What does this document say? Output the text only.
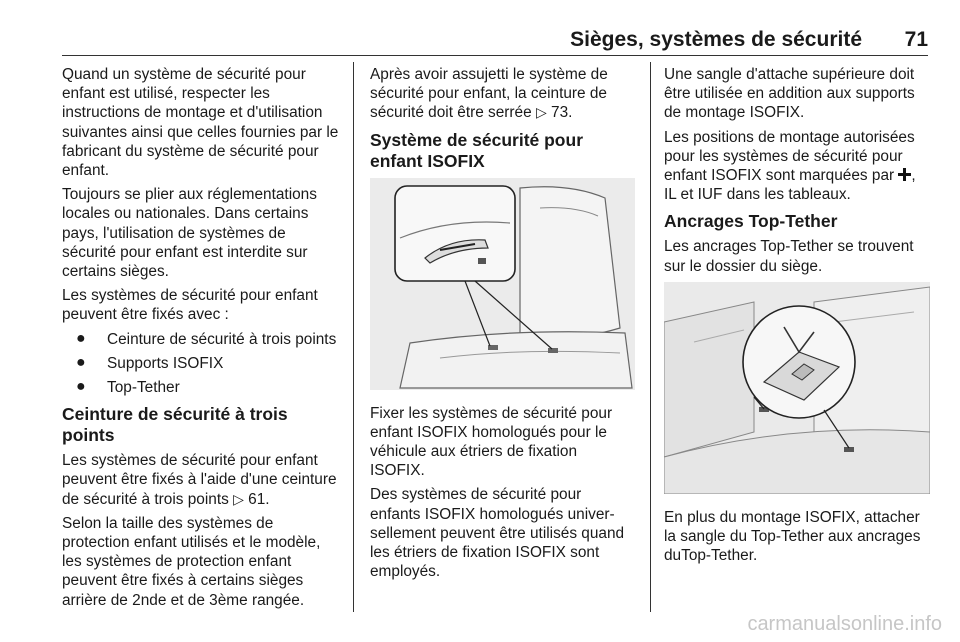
Sièges, systèmes de sécurité 71

Quand un système de sécurité pour enfant est utilisé, respecter les instructions de montage et d'utilisation suivantes ainsi que celles fournies par le fabricant du système de sécurité pour enfant.

Toujours se plier aux réglementations locales ou nationales. Dans certains pays, l'utilisation de systèmes de sécurité pour enfant est interdite sur certains sièges.

Les systèmes de sécurité pour enfant peuvent être fixés avec :

● Ceinture de sécurité à trois points
● Supports ISOFIX
● Top-Tether
Ceinture de sécurité à trois points

Les systèmes de sécurité pour enfant peuvent être fixés à l'aide d'une ceinture de sécurité à trois points ▷ 61.

Selon la taille des systèmes de protection enfant utilisés et le modèle, les systèmes de protection enfant peuvent être fixés à certains sièges arrière de 2nde et de 3ème rangée.

Après avoir assujetti le système de sécurité pour enfant, la ceinture de sécurité doit être serrée ▷ 73.

Système de sécurité pour enfant ISOFIX

Fixer les systèmes de sécurité pour enfant ISOFIX homologués pour le véhicule aux étriers de fixation ISOFIX.

Des systèmes de sécurité pour enfants ISOFIX homologués universellement peuvent être utilisés quand les étriers de fixation ISOFIX sont employés.

Une sangle d'attache supérieure doit être utilisée en addition aux supports de montage ISOFIX.

Les positions de montage autorisées pour les systèmes de sécurité pour enfant ISOFIX sont marquées par , IL et IUF dans les tableaux.

Ancrages Top-Tether

Les ancrages Top-Tether se trouvent sur le dossier du siège.

En plus du montage ISOFIX, attacher la sangle du Top-Tether aux ancrages duTop-Tether.

carmanualsonline.info
